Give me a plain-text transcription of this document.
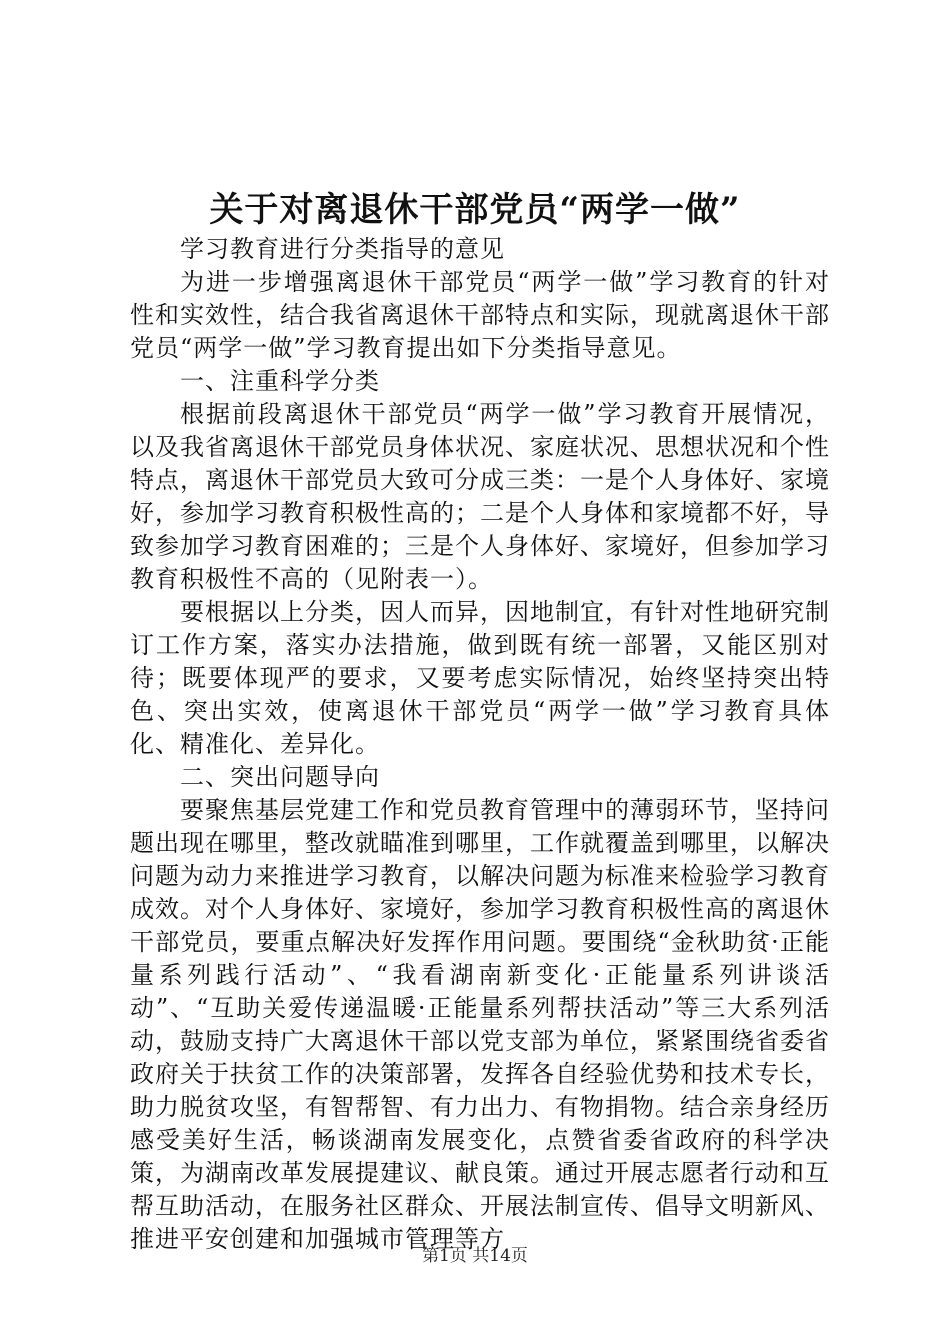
关于对离退休干部党员“两学一做”

学习教育进行分类指导的意见

为进一步增强离退休干部党员“两学一做”学习教育的针对性和实效性，结合我省离退休干部特点和实际，现就离退休干部党员“两学一做”学习教育提出如下分类指导意见。

一、注重科学分类

根据前段离退休干部党员“两学一做”学习教育开展情况，以及我省离退休干部党员身体状况、家庭状况、思想状况和个性特点，离退休干部党员大致可分成三类：一是个人身体好、家境好，参加学习教育积极性高的；二是个人身体和家境都不好，导致参加学习教育困难的；三是个人身体好、家境好，但参加学习教育积极性不高的（见附表一）。

要根据以上分类，因人而异，因地制宜，有针对性地研究制订工作方案，落实办法措施，做到既有统一部署，又能区别对待；既要体现严的要求，又要考虑实际情况，始终坚持突出特色、突出实效，使离退休干部党员“两学一做”学习教育具体化、精准化、差异化。

二、突出问题导向

要聚焦基层党建工作和党员教育管理中的薄弱环节，坚持问题出现在哪里，整改就瞄准到哪里，工作就覆盖到哪里，以解决问题为动力来推进学习教育，以解决问题为标准来检验学习教育成效。对个人身体好、家境好，参加学习教育积极性高的离退休干部党员，要重点解决好发挥作用问题。要围绕“金秋助贫·正能量系列践行活动”、“我看湖南新变化·正能量系列讲谈活动”、“互助关爱传递温暖·正能量系列帮扶活动”等三大系列活动，鼓励支持广大离退休干部以党支部为单位，紧紧围绕省委省政府关于扶贫工作的决策部署，发挥各自经验优势和技术专长，助力脱贫攻坚，有智帮智、有力出力、有物捐物。结合亲身经历感受美好生活，畅谈湖南发展变化，点赞省委省政府的科学决策，为湖南改革发展提建议、献良策。通过开展志愿者行动和互帮互助活动，在服务社区群众、开展法制宣传、倡导文明新风、推进平安创建和加强城市管理等方

第1页 共14页
